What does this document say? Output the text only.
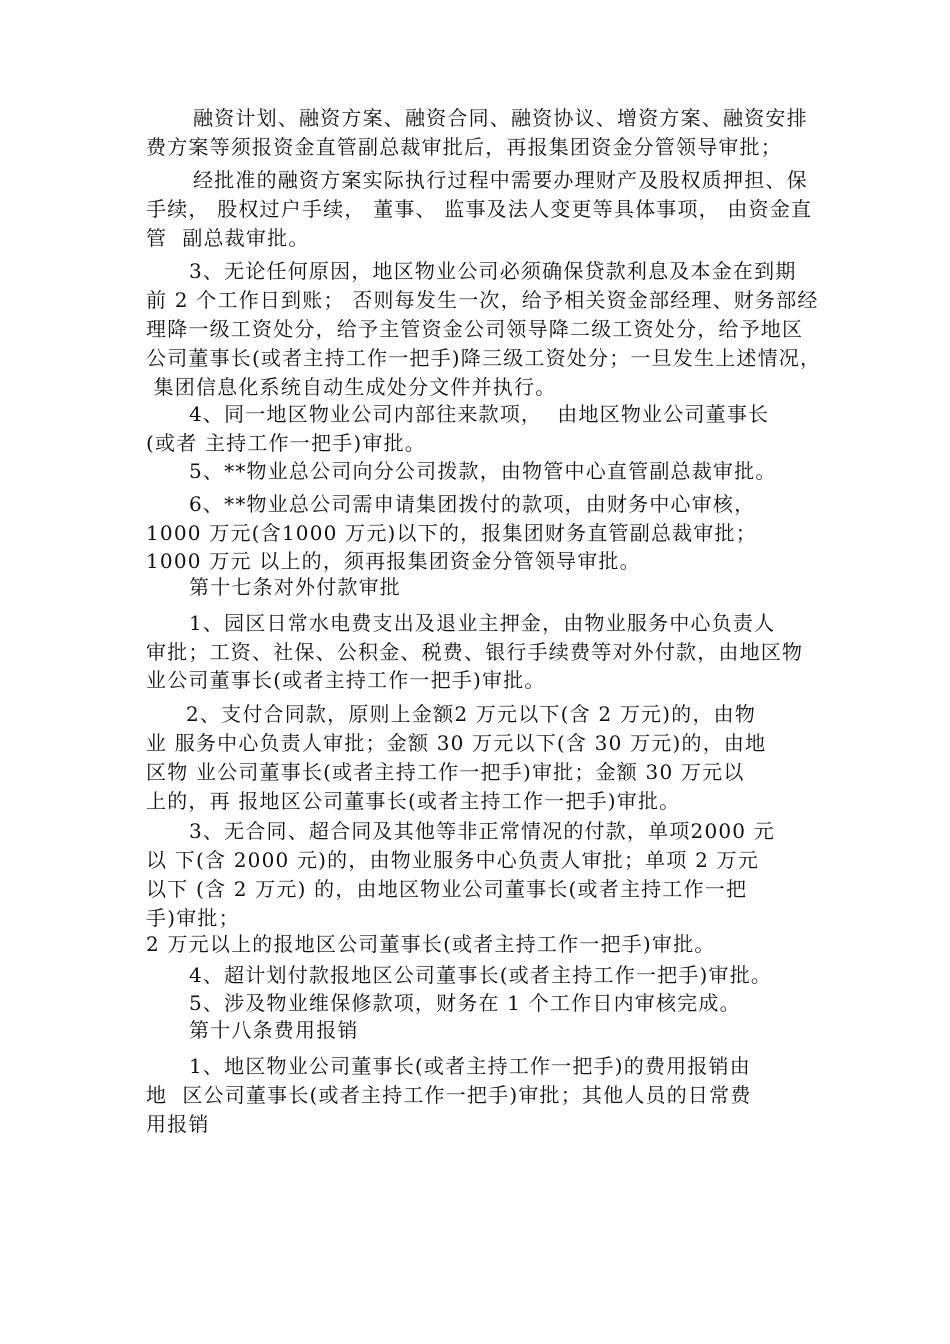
融资计划、融资方案、融资合同、融资协议、增资方案、融资安排

费方案等须报资金直管副总裁审批后，再报集团资金分管领导审批；

经批准的融资方案实际执行过程中需要办理财产及股权质押担、保

手续， 股权过户手续， 董事、 监事及法人变更等具体事项， 由资金直

管  副总裁审批。

3、无论任何原因，地区物业公司必须确保贷款利息及本金在到期

前 2 个工作日到账； 否则每发生一次，给予相关资金部经理、财务部经

理降一级工资处分，给予主管资金公司领导降二级工资处分，给予地区

公司董事长(或者主持工作一把手)降三级工资处分；一旦发生上述情况，

集团信息化系统自动生成处分文件并执行。

4、同一地区物业公司内部往来款项，  由地区物业公司董事长

(或者 主持工作一把手)审批。

5、**物业总公司向分公司拨款，由物管中心直管副总裁审批。

6、**物业总公司需申请集团拨付的款项，由财务中心审核，

1000 万元(含1000 万元)以下的，报集团财务直管副总裁审批；

1000 万元 以上的，须再报集团资金分管领导审批。

第十七条对外付款审批

1、园区日常水电费支出及退业主押金，由物业服务中心负责人

审批；工资、社保、公积金、税费、银行手续费等对外付款，由地区物

业公司董事长(或者主持工作一把手)审批。

2、支付合同款，原则上金额2 万元以下(含 2 万元)的，由物

业 服务中心负责人审批；金额 30 万元以下(含 30 万元)的，由地

区物 业公司董事长(或者主持工作一把手)审批；金额 30 万元以

上的，再 报地区公司董事长(或者主持工作一把手)审批。

3、无合同、超合同及其他等非正常情况的付款，单项2000 元

以 下(含 2000 元)的，由物业服务中心负责人审批；单项 2 万元

以下 (含 2 万元) 的，由地区物业公司董事长(或者主持工作一把

手)审批；

2 万元以上的报地区公司董事长(或者主持工作一把手)审批。

4、超计划付款报地区公司董事长(或者主持工作一把手)审批。

5、涉及物业维保修款项，财务在 1 个工作日内审核完成。

第十八条费用报销

1、地区物业公司董事长(或者主持工作一把手)的费用报销由

地  区公司董事长(或者主持工作一把手)审批；其他人员的日常费

用报销
